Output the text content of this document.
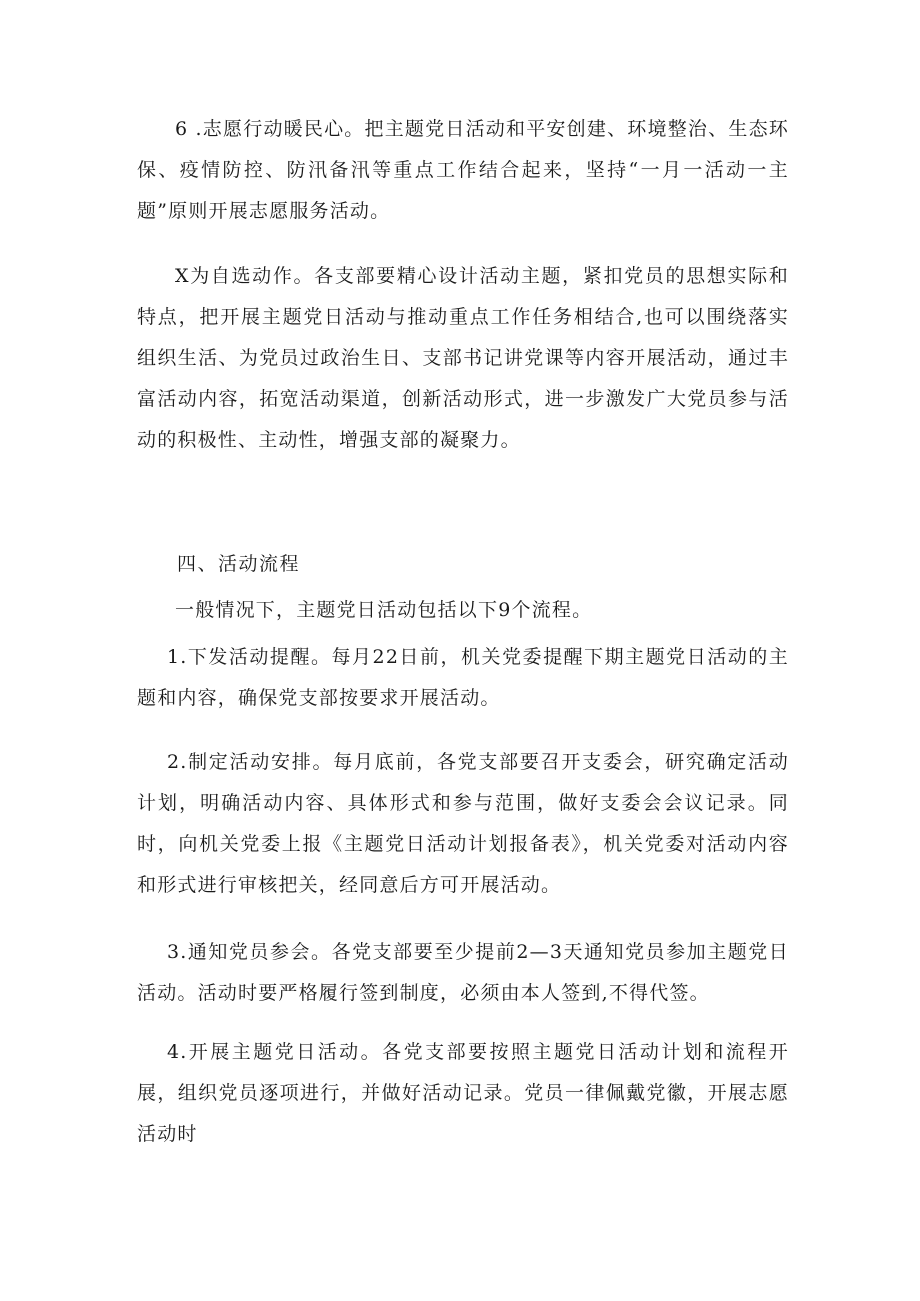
6 .志愿行动暖民心。把主题党日活动和平安创建、环境整治、生态环保、疫情防控、防汛备汛等重点工作结合起来，坚持“一月一活动一主题”原则开展志愿服务活动。

X为自选动作。各支部要精心设计活动主题，紧扣党员的思想实际和特点，把开展主题党日活动与推动重点工作任务相结合,也可以围绕落实组织生活、为党员过政治生日、支部书记讲党课等内容开展活动，通过丰富活动内容，拓宽活动渠道，创新活动形式，进一步激发广大党员参与活动的积极性、主动性，增强支部的凝聚力。

四、活动流程

一般情况下，主题党日活动包括以下9个流程。

1.下发活动提醒。每月22日前，机关党委提醒下期主题党日活动的主题和内容，确保党支部按要求开展活动。

2.制定活动安排。每月底前，各党支部要召开支委会，研究确定活动计划，明确活动内容、具体形式和参与范围，做好支委会会议记录。同时，向机关党委上报《主题党日活动计划报备表》，机关党委对活动内容和形式进行审核把关，经同意后方可开展活动。

3.通知党员参会。各党支部要至少提前2—3天通知党员参加主题党日活动。活动时要严格履行签到制度，必须由本人签到,不得代签。

4.开展主题党日活动。各党支部要按照主题党日活动计划和流程开展，组织党员逐项进行，并做好活动记录。党员一律佩戴党徽，开展志愿活动时
